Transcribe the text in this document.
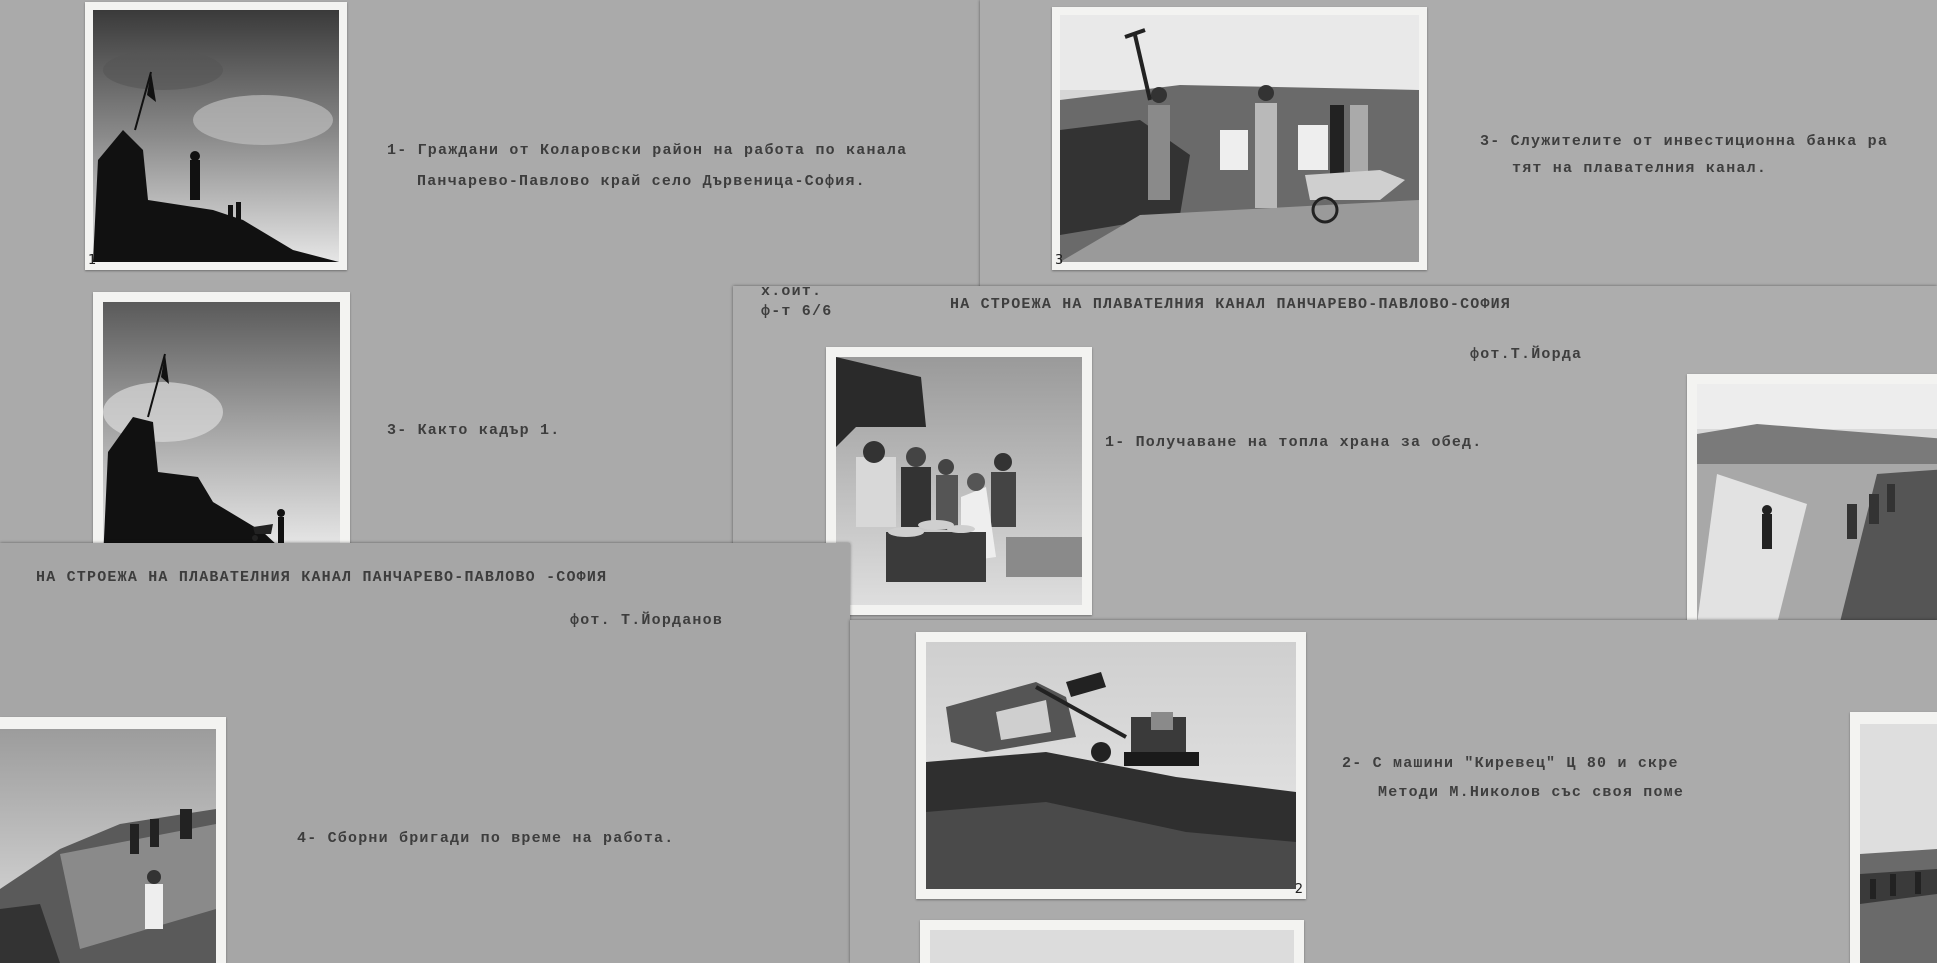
1
1- Граждани от Коларовски район на работа по канала
Панчарево-Павлово край село Дървеница-София.
3- Както кадър 1.
3
3- Служителите от инвестиционна банка ра
тят на плавателния канал.
х.оит.
ф-т 6/6	НА СТРОЕЖА НА ПЛАВАТЕЛНИЯ КАНАЛ ПАНЧАРЕВО-ПАВЛОВО-СОФИЯ
фот.Т.Йорда
1- Получаване на топла храна за обед.
НА СТРОЕЖА НА ПЛАВАТЕЛНИЯ КАНАЛ ПАНЧАРЕВО-ПАВЛОВО -СОФИЯ
фот. Т.Йорданов
4- Сборни бригади по време на работа.
2
2- С машини "Киревец" Ц 80 и скре
Методи М.Николов със своя поме
